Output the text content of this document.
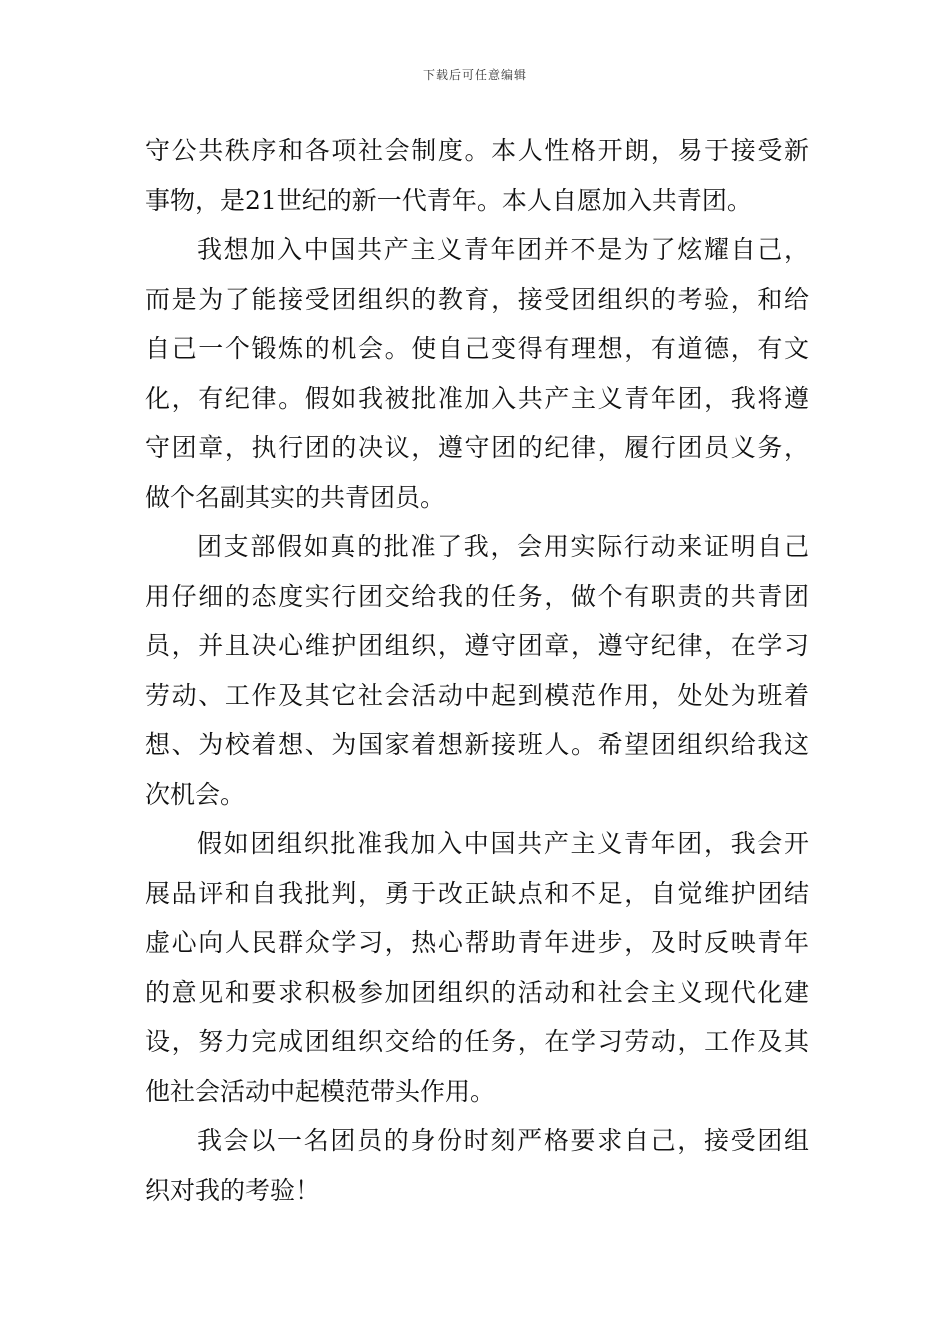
下载后可任意编辑
守公共秩序和各项社会制度。本人性格开朗，易于接受新
事物，是21世纪的新一代青年。本人自愿加入共青团。
我想加入中国共产主义青年团并不是为了炫耀自己，
而是为了能接受团组织的教育，接受团组织的考验，和给
自己一个锻炼的机会。使自己变得有理想，有道德，有文
化，有纪律。假如我被批准加入共产主义青年团，我将遵
守团章，执行团的决议，遵守团的纪律，履行团员义务，
做个名副其实的共青团员。
团支部假如真的批准了我，会用实际行动来证明自己
用仔细的态度实行团交给我的任务，做个有职责的共青团
员，并且决心维护团组织，遵守团章，遵守纪律，在学习
劳动、工作及其它社会活动中起到模范作用，处处为班着
想、为校着想、为国家着想新接班人。希望团组织给我这
次机会。
假如团组织批准我加入中国共产主义青年团，我会开
展品评和自我批判，勇于改正缺点和不足，自觉维护团结
虚心向人民群众学习，热心帮助青年进步，及时反映青年
的意见和要求积极参加团组织的活动和社会主义现代化建
设，努力完成团组织交给的任务，在学习劳动，工作及其
他社会活动中起模范带头作用。
我会以一名团员的身份时刻严格要求自己，接受团组
织对我的考验！
